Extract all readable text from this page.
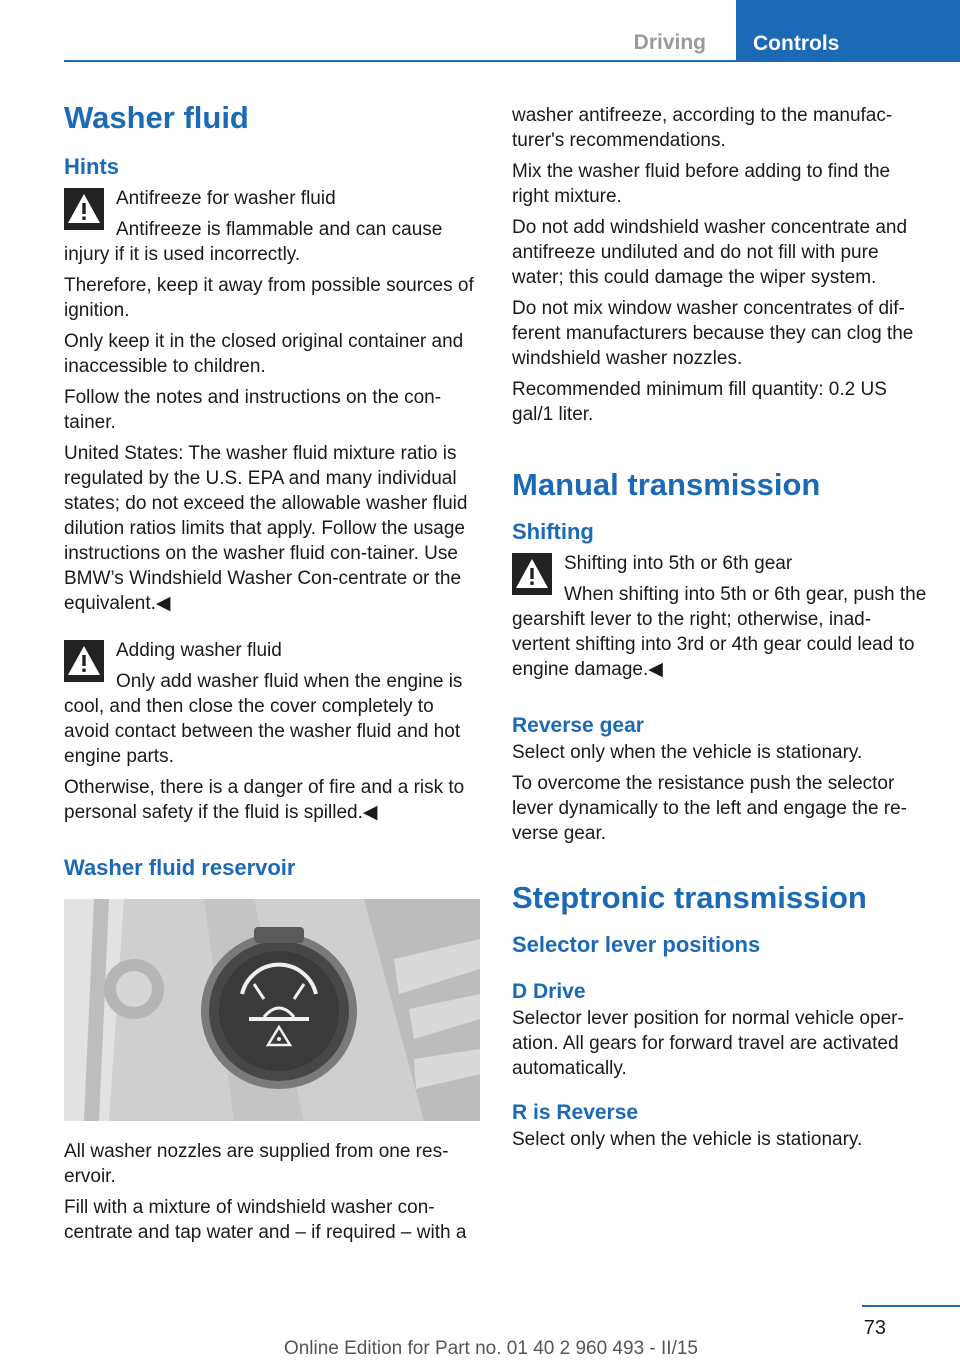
Driving	Controls
Washer fluid
Hints

Antifreeze for washer fluid

Antifreeze is flammable and can cause injury if it is used incorrectly.

Therefore, keep it away from possible sources of ignition.

Only keep it in the closed original container and inaccessible to children.

Follow the notes and instructions on the con‐tainer.

United States: The washer fluid mixture ratio is regulated by the U.S. EPA and many individual states; do not exceed the allowable washer fluid dilution ratios limits that apply. Follow the usage instructions on the washer fluid con‐tainer. Use BMW’s Windshield Washer Con‐centrate or the equivalent.◀

Adding washer fluid

Only add washer fluid when the engine is cool, and then close the cover completely to avoid contact between the washer fluid and hot engine parts.

Otherwise, there is a danger of fire and a risk to personal safety if the fluid is spilled.◀

Washer fluid reservoir

All washer nozzles are supplied from one res‐ervoir.

Fill with a mixture of windshield washer con‐centrate and tap water and – if required – with a

washer antifreeze, according to the manufac‐turer's recommendations.

Mix the washer fluid before adding to find the right mixture.

Do not add windshield washer concentrate and antifreeze undiluted and do not fill with pure water; this could damage the wiper system.

Do not mix window washer concentrates of dif‐ferent manufacturers because they can clog the windshield washer nozzles.

Recommended minimum fill quantity: 0.2 US gal/1 liter.

Manual transmission
Shifting

Shifting into 5th or 6th gear

When shifting into 5th or 6th gear, push the gearshift lever to the right; otherwise, inad‐vertent shifting into 3rd or 4th gear could lead to engine damage.◀

Reverse gear

Select only when the vehicle is stationary.

To overcome the resistance push the selector lever dynamically to the left and engage the re‐verse gear.

Steptronic transmission
Selector lever positions
D Drive

Selector lever position for normal vehicle oper‐ation. All gears for forward travel are activated automatically.

R is Reverse

Select only when the vehicle is stationary.

73
Online Edition for Part no. 01 40 2 960 493 - II/15
